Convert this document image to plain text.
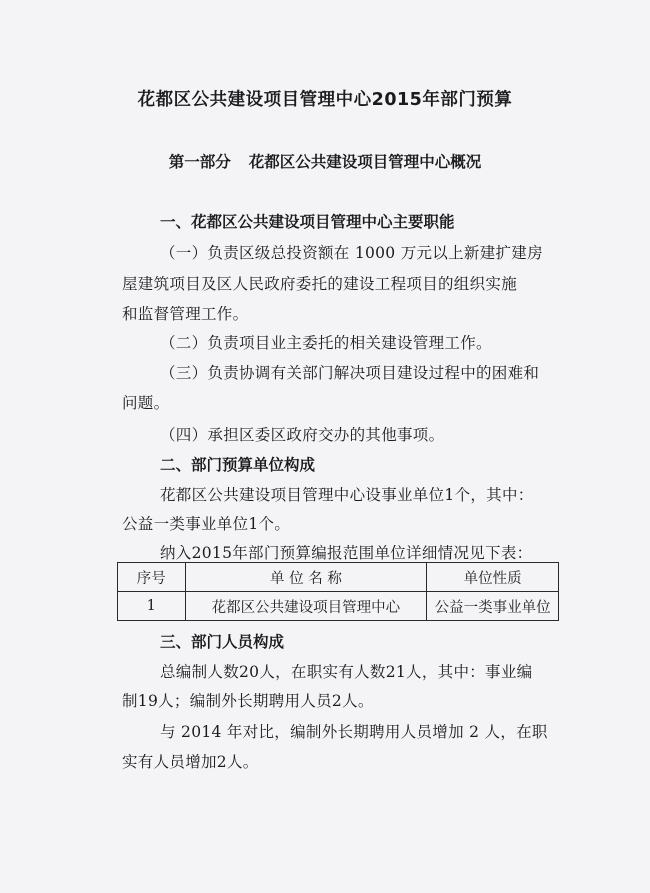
花都区公共建设项目管理中心2015年部门预算
第一部分 花都区公共建设项目管理中心概况
一、花都区公共建设项目管理中心主要职能
（一）负责区级总投资额在 1000 万元以上新建扩建房
屋建筑项目及区人民政府委托的建设工程项目的组织实施
和监督管理工作。
（二）负责项目业主委托的相关建设管理工作。
（三）负责协调有关部门解决项目建设过程中的困难和
问题。
（四）承担区委区政府交办的其他事项。
二、部门预算单位构成
花都区公共建设项目管理中心设事业单位1个，其中：
公益一类事业单位1个。
纳入2015年部门预算编报范围单位详细情况见下表：
序号	单 位 名 称	单位性质
1	花都区公共建设项目管理中心	公益一类事业单位
三、部门人员构成
总编制人数20人，在职实有人数21人，其中：事业编
制19人；编制外长期聘用人员2人。
与 2014 年对比，编制外长期聘用人员增加 2 人，在职
实有人员增加2人。
